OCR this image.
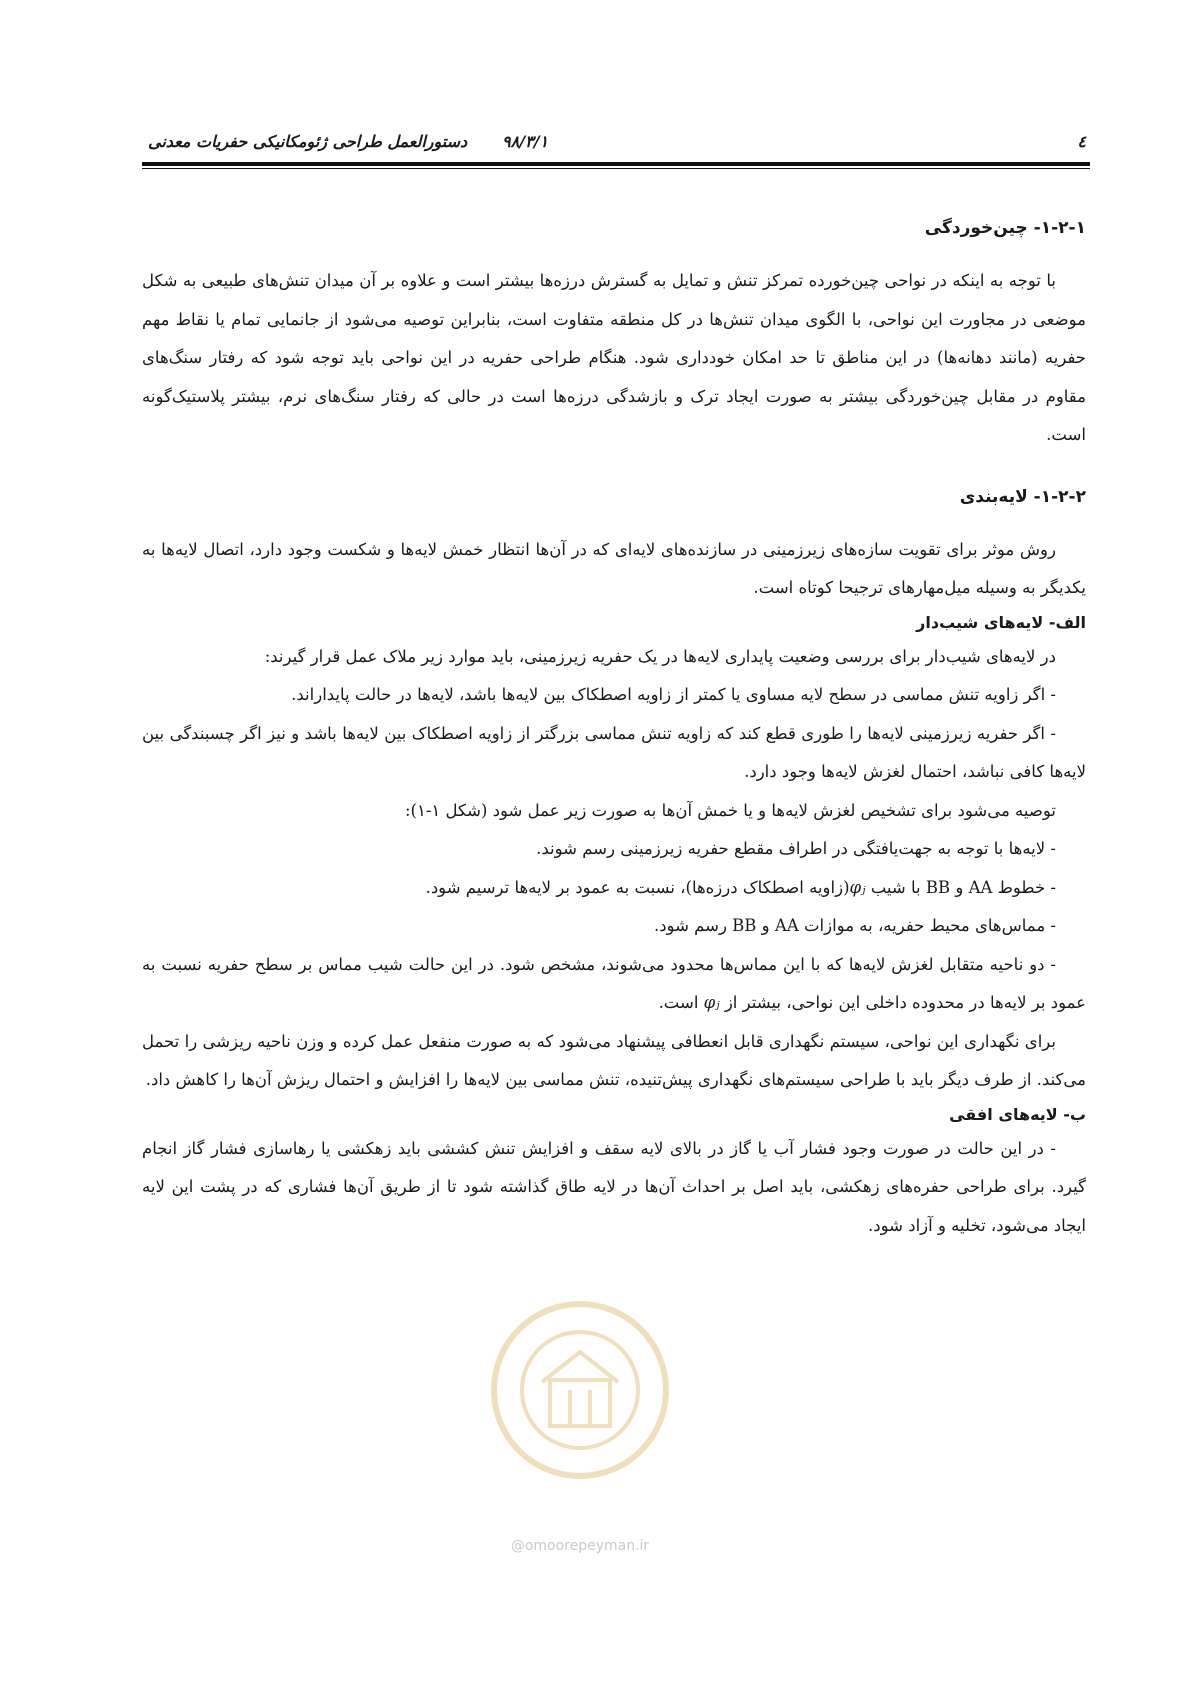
٤
۹۸/۳/۱
دستورالعمل طراحی ژئومکانیکی حفریات معدنی
۱-۲-۱- چین‌خوردگی

با توجه به اینکه در نواحی چین‌خورده تمرکز تنش و تمایل به گسترش درزه‌ها بیشتر است و علاوه بر آن میدان تنش‌های طبیعی به شکل موضعی در مجاورت این نواحی، با الگوی میدان تنش‌ها در کل منطقه متفاوت است، بنابراین توصیه می‌شود از جانمایی تمام یا نقاط مهم حفریه (مانند دهانه‌ها) در این مناطق تا حد امکان خودداری شود. هنگام طراحی حفریه در این نواحی باید توجه شود که رفتار سنگ‌های مقاوم در مقابل چین‌خوردگی بیشتر به صورت ایجاد ترک و بازشدگی درزه‌ها است در حالی که رفتار سنگ‌های نرم، بیشتر پلاستیک‌گونه است.

۱-۲-۲- لایه‌بندی

روش موثر برای تقویت سازه‌های زیرزمینی در سازنده‌های لایه‌ای که در آن‌ها انتظار خمش لایه‌ها و شکست وجود دارد، اتصال لایه‌ها به یکدیگر به وسیله میل‌مهارهای ترجیحا کوتاه است.

الف- لایه‌های شیب‌دار

در لایه‌های شیب‌دار برای بررسی وضعیت پایداری لایه‌ها در یک حفریه زیرزمینی، باید موارد زیر ملاک عمل قرار گیرند:

- اگر زاویه تنش مماسی در سطح لایه مساوی یا کمتر از زاویه اصطکاک بین لایه‌ها باشد، لایه‌ها در حالت پایداراند.

- اگر حفریه زیرزمینی لایه‌ها را طوری قطع کند که زاویه تنش مماسی بزرگتر از زاویه اصطکاک بین لایه‌ها باشد و نیز اگر چسبندگی بین لایه‌ها کافی نباشد، احتمال لغزش لایه‌ها وجود دارد.

توصیه می‌شود برای تشخیص لغزش لایه‌ها و یا خمش آن‌ها به صورت زیر عمل شود (شکل ۱-۱):

- لایه‌ها با توجه به جهت‌یافتگی در اطراف مقطع حفریه زیرزمینی رسم شوند.

- خطوط AA و BB با شیب φⱼ(زاویه اصطکاک درزه‌ها)، نسبت به عمود بر لایه‌ها ترسیم شود.

- مماس‌های محیط حفریه، به موازات AA و BB رسم شود.

- دو ناحیه متقابل لغزش لایه‌ها که با این مماس‌ها محدود می‌شوند، مشخص شود. در این حالت شیب مماس بر سطح حفریه نسبت به عمود بر لایه‌ها در محدوده داخلی این نواحی، بیشتر از φⱼ است.

برای نگهداری این نواحی، سیستم نگهداری قابل انعطافی پیشنهاد می‌شود که به صورت منفعل عمل کرده و وزن ناحیه ریزشی را تحمل می‌کند. از طرف دیگر باید با طراحی سیستم‌های نگهداری پیش‌تنیده، تنش مماسی بین لایه‌ها را افزایش و احتمال ریزش آن‌ها را کاهش داد.

ب- لایه‌های افقی

- در این حالت در صورت وجود فشار آب یا گاز در بالای لایه سقف و افزایش تنش کششی باید زهکشی یا رهاسازی فشار گاز انجام گیرد. برای طراحی حفره‌های زهکشی، باید اصل بر احداث آن‌ها در لایه طاق گذاشته شود تا از طریق آن‌ها فشاری که در پشت این لایه ایجاد می‌شود، تخلیه و آزاد شود.

@omoorepeyman.ir
